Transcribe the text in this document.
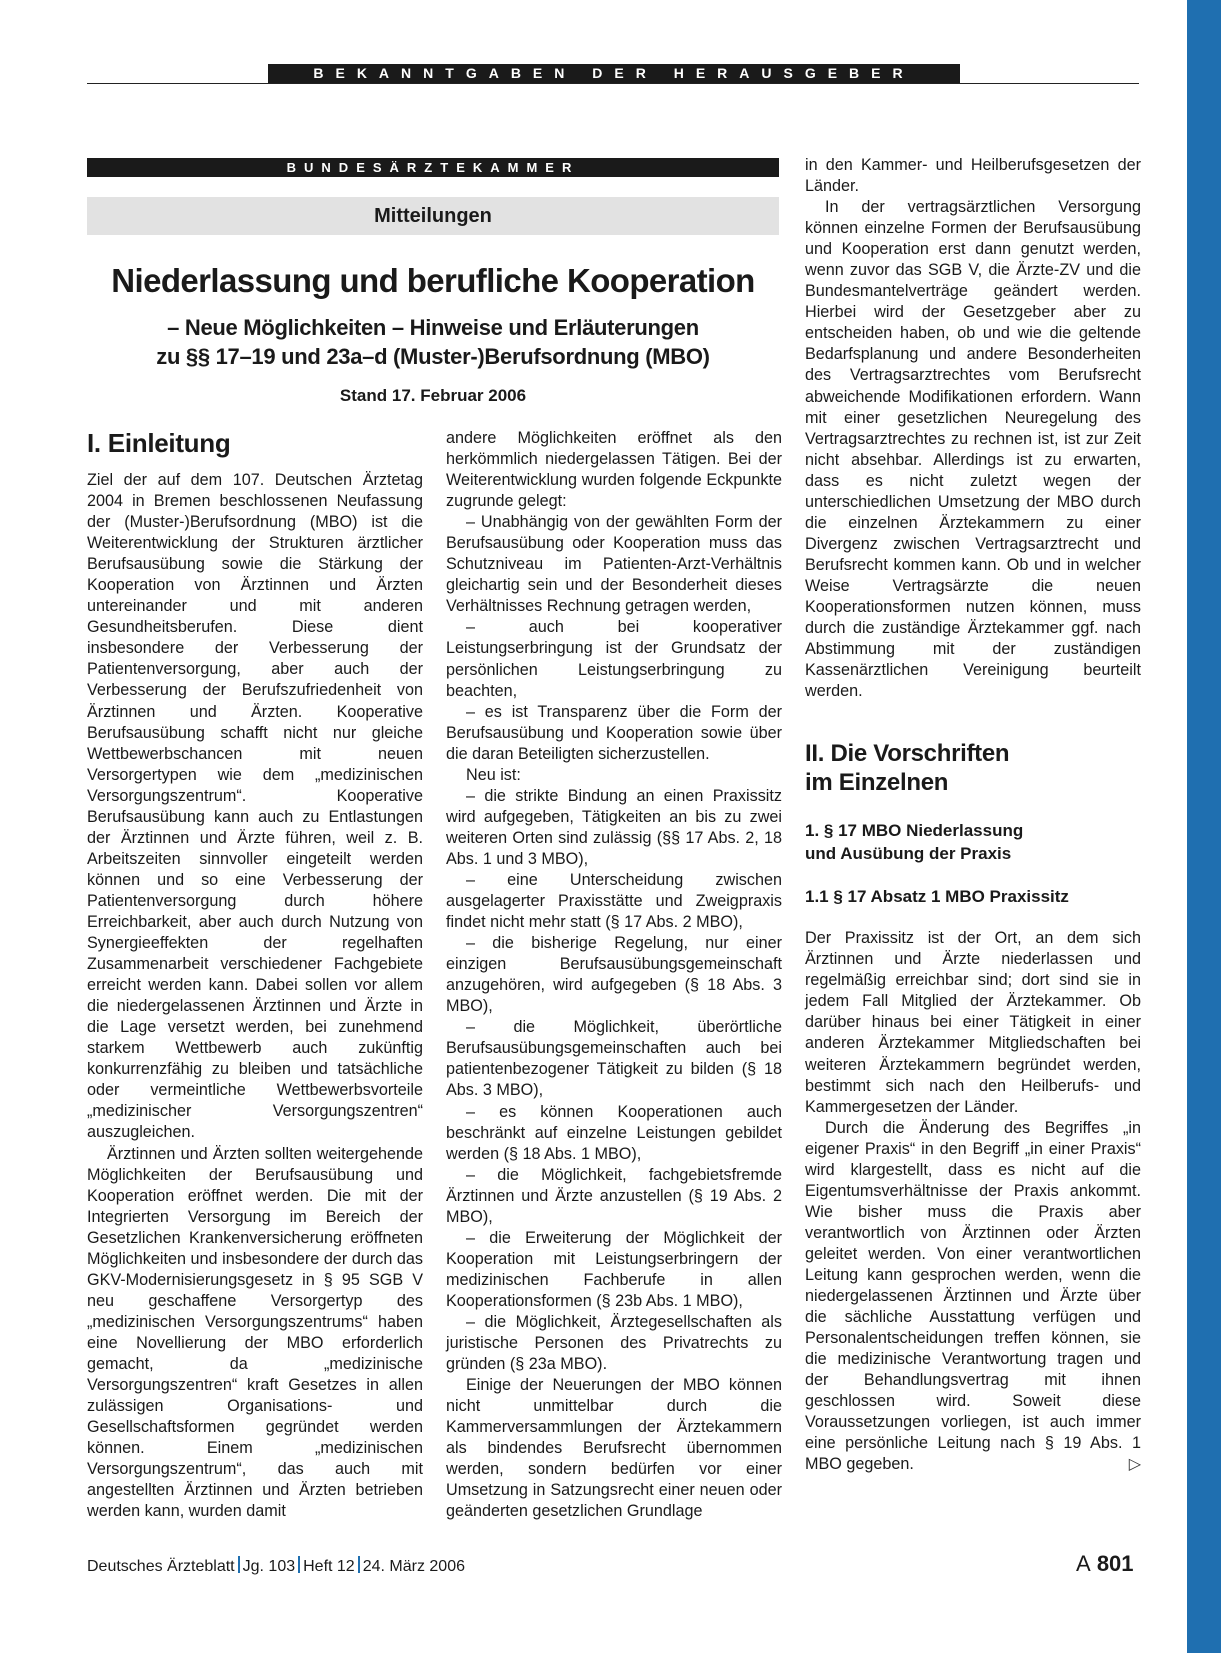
BEKANNTGABEN DER HERAUSGEBER
BUNDESÄRZTEKAMMER
Mitteilungen
Niederlassung und berufliche Kooperation
– Neue Möglichkeiten – Hinweise und Erläuterungen
zu §§ 17–19 und 23a–d (Muster-)Berufsordnung (MBO)
Stand 17. Februar 2006
I. Einleitung

Ziel der auf dem 107. Deutschen Ärztetag 2004 in Bremen beschlossenen Neufassung der (Muster-)Berufsordnung (MBO) ist die Weiterentwicklung der Strukturen ärztlicher Berufsausübung sowie die Stärkung der Kooperation von Ärztinnen und Ärzten untereinander und mit anderen Gesundheitsberufen. Diese dient insbesondere der Verbesserung der Patientenversorgung, aber auch der Verbesserung der Berufszufriedenheit von Ärztinnen und Ärzten. Kooperative Berufsausübung schafft nicht nur gleiche Wettbewerbschancen mit neuen Versorgertypen wie dem „medizinischen Versorgungszentrum“. Kooperative Berufsausübung kann auch zu Entlastungen der Ärztinnen und Ärzte führen, weil z. B. Arbeitszeiten sinnvoller eingeteilt werden können und so eine Verbesserung der Patientenversorgung durch höhere Erreichbarkeit, aber auch durch Nutzung von Synergieeffekten der regelhaften Zusammenarbeit verschiedener Fachgebiete erreicht werden kann. Dabei sollen vor allem die niedergelassenen Ärztinnen und Ärzte in die Lage versetzt werden, bei zunehmend starkem Wettbewerb auch zukünftig konkurrenzfähig zu bleiben und tatsächliche oder vermeintliche Wettbewerbsvorteile „medizinischer Versorgungszentren“ auszugleichen.

Ärztinnen und Ärzten sollten weitergehende Möglichkeiten der Berufsausübung und Kooperation eröffnet werden. Die mit der Integrierten Versorgung im Bereich der Gesetzlichen Krankenversicherung eröffneten Möglichkeiten und insbesondere der durch das GKV-Modernisierungsgesetz in § 95 SGB V neu geschaffene Versorgertyp des „medizinischen Versorgungszentrums“ haben eine Novellierung der MBO erforderlich gemacht, da „medizinische Versorgungszentren“ kraft Gesetzes in allen zulässigen Organisations- und Gesellschaftsformen gegründet werden können. Einem „medizinischen Versorgungszentrum“, das auch mit angestellten Ärztinnen und Ärzten betrieben werden kann, wurden damit

andere Möglichkeiten eröffnet als den herkömmlich niedergelassen Tätigen. Bei der Weiterentwicklung wurden folgende Eckpunkte zugrunde gelegt:

– Unabhängig von der gewählten Form der Berufsausübung oder Kooperation muss das Schutzniveau im Patienten-Arzt-Verhältnis gleichartig sein und der Besonderheit dieses Verhältnisses Rechnung getragen werden,

– auch bei kooperativer Leistungserbringung ist der Grundsatz der persönlichen Leistungserbringung zu beachten,

– es ist Transparenz über die Form der Berufsausübung und Kooperation sowie über die daran Beteiligten sicherzustellen.

Neu ist:

– die strikte Bindung an einen Praxissitz wird aufgegeben, Tätigkeiten an bis zu zwei weiteren Orten sind zulässig (§§ 17 Abs. 2, 18 Abs. 1 und 3 MBO),

– eine Unterscheidung zwischen ausgelagerter Praxisstätte und Zweigpraxis findet nicht mehr statt (§ 17 Abs. 2 MBO),

– die bisherige Regelung, nur einer einzigen Berufsausübungsgemeinschaft anzugehören, wird aufgegeben (§ 18 Abs. 3 MBO),

– die Möglichkeit, überörtliche Berufsausübungsgemeinschaften auch bei patientenbezogener Tätigkeit zu bilden (§ 18 Abs. 3 MBO),

– es können Kooperationen auch beschränkt auf einzelne Leistungen gebildet werden (§ 18 Abs. 1 MBO),

– die Möglichkeit, fachgebietsfremde Ärztinnen und Ärzte anzustellen (§ 19 Abs. 2 MBO),

– die Erweiterung der Möglichkeit der Kooperation mit Leistungserbringern der medizinischen Fachberufe in allen Kooperationsformen (§ 23b Abs. 1 MBO),

– die Möglichkeit, Ärztegesellschaften als juristische Personen des Privatrechts zu gründen (§ 23a MBO).

Einige der Neuerungen der MBO können nicht unmittelbar durch die Kammerversammlungen der Ärztekammern als bindendes Berufsrecht übernommen werden, sondern bedürfen vor einer Umsetzung in Satzungsrecht einer neuen oder geänderten gesetzlichen Grundlage

in den Kammer- und Heilberufsgesetzen der Länder.

In der vertragsärztlichen Versorgung können einzelne Formen der Berufsausübung und Kooperation erst dann genutzt werden, wenn zuvor das SGB V, die Ärzte-ZV und die Bundesmantelverträge geändert werden. Hierbei wird der Gesetzgeber aber zu entscheiden haben, ob und wie die geltende Bedarfsplanung und andere Besonderheiten des Vertragsarztrechtes vom Berufsrecht abweichende Modifikationen erfordern. Wann mit einer gesetzlichen Neuregelung des Vertragsarztrechtes zu rechnen ist, ist zur Zeit nicht absehbar. Allerdings ist zu erwarten, dass es nicht zuletzt wegen der unterschiedlichen Umsetzung der MBO durch die einzelnen Ärztekammern zu einer Divergenz zwischen Vertragsarztrecht und Berufsrecht kommen kann. Ob und in welcher Weise Vertragsärzte die neuen Kooperationsformen nutzen können, muss durch die zuständige Ärztekammer ggf. nach Abstimmung mit der zuständigen Kassenärztlichen Vereinigung beurteilt werden.

II. Die Vorschriften
im Einzelnen
1. § 17 MBO Niederlassung
und Ausübung der Praxis
1.1 § 17 Absatz 1 MBO Praxissitz

Der Praxissitz ist der Ort, an dem sich Ärztinnen und Ärzte niederlassen und regelmäßig erreichbar sind; dort sind sie in jedem Fall Mitglied der Ärztekammer. Ob darüber hinaus bei einer Tätigkeit in einer anderen Ärztekammer Mitgliedschaften bei weiteren Ärztekammern begründet werden, bestimmt sich nach den Heilberufs- und Kammergesetzen der Länder.

Durch die Änderung des Begriffes „in eigener Praxis“ in den Begriff „in einer Praxis“ wird klargestellt, dass es nicht auf die Eigentumsverhältnisse der Praxis ankommt. Wie bisher muss die Praxis aber verantwortlich von Ärztinnen oder Ärzten geleitet werden. Von einer verantwortlichen Leitung kann gesprochen werden, wenn die niedergelassenen Ärztinnen und Ärzte über die sächliche Ausstattung verfügen und Personalentscheidungen treffen können, sie die medizinische Verantwortung tragen und der Behandlungsvertrag mit ihnen geschlossen wird. Soweit diese Voraussetzungen vorliegen, ist auch immer eine persönliche Leitung nach § 19 Abs. 1 MBO gegeben.	▷

Deutsches Ärzteblatt Jg. 103 Heft 12 24. März 2006	A 801
